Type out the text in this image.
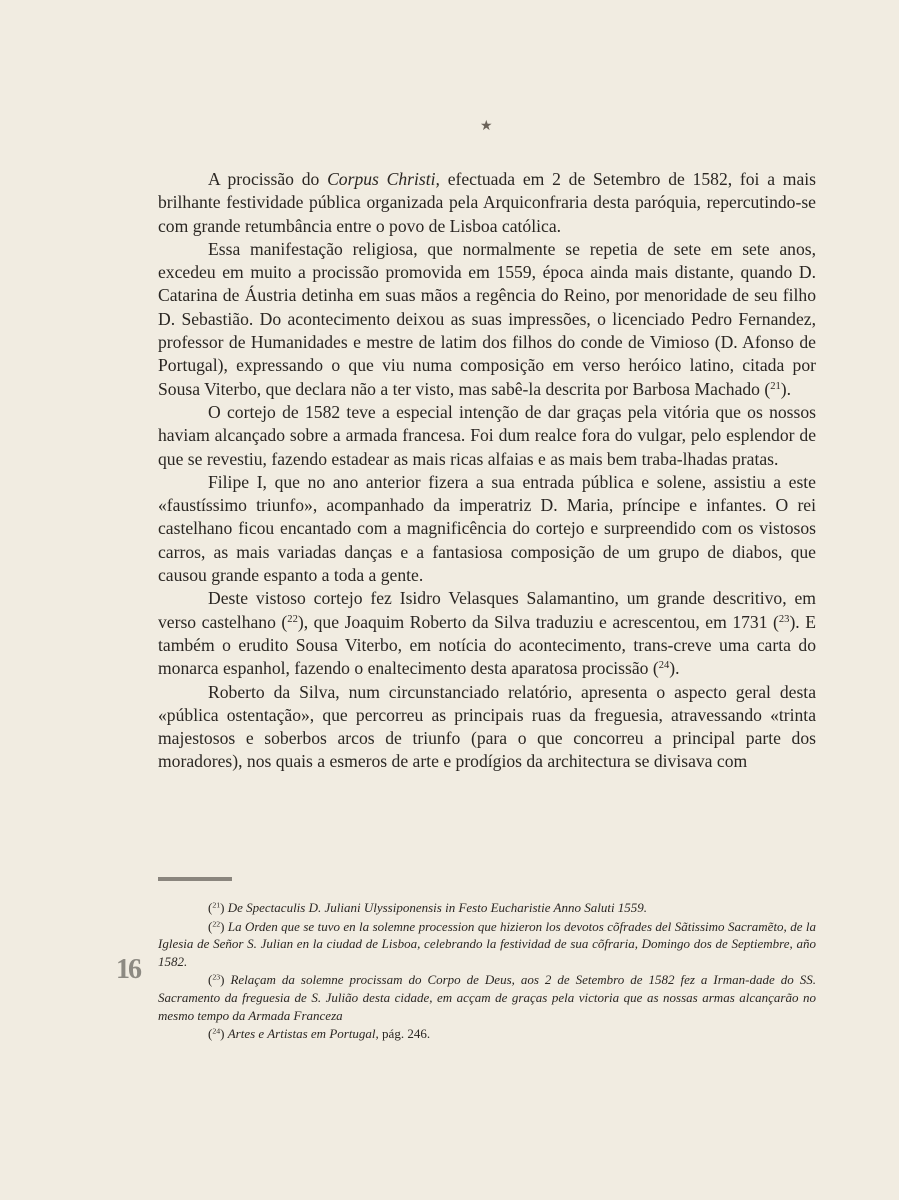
★

A procissão do Corpus Christi, efectuada em 2 de Setembro de 1582, foi a mais brilhante festividade pública organizada pela Arquiconfraria desta paróquia, repercutindo-se com grande retumbância entre o povo de Lisboa católica.

Essa manifestação religiosa, que normalmente se repetia de sete em sete anos, excedeu em muito a procissão promovida em 1559, época ainda mais distante, quando D. Catarina de Áustria detinha em suas mãos a regência do Reino, por menoridade de seu filho D. Sebastião. Do acontecimento deixou as suas impressões, o licenciado Pedro Fernandez, professor de Humanidades e mestre de latim dos filhos do conde de Vimioso (D. Afonso de Portugal), expressando o que viu numa composição em verso heróico latino, citada por Sousa Viterbo, que declara não a ter visto, mas sabê-la descrita por Barbosa Machado ($^{21}$).

O cortejo de 1582 teve a especial intenção de dar graças pela vitória que os nossos haviam alcançado sobre a armada francesa. Foi dum realce fora do vulgar, pelo esplendor de que se revestiu, fazendo estadear as mais ricas alfaias e as mais bem traba-lhadas pratas.

Filipe I, que no ano anterior fizera a sua entrada pública e solene, assistiu a este «faustíssimo triunfo», acompanhado da imperatriz D. Maria, príncipe e infantes. O rei castelhano ficou encantado com a magnificência do cortejo e surpreendido com os vistosos carros, as mais variadas danças e a fantasiosa composição de um grupo de diabos, que causou grande espanto a toda a gente.

Deste vistoso cortejo fez Isidro Velasques Salamantino, um grande descritivo, em verso castelhano ($^{22}$), que Joaquim Roberto da Silva traduziu e acrescentou, em 1731 ($^{23}$). E também o erudito Sousa Viterbo, em notícia do acontecimento, trans-creve uma carta do monarca espanhol, fazendo o enaltecimento desta aparatosa procissão ($^{24}$).

Roberto da Silva, num circunstanciado relatório, apresenta o aspecto geral desta «pública ostentação», que percorreu as principais ruas da freguesia, atravessando «trinta majestosos e soberbos arcos de triunfo (para o que concorreu a principal parte dos moradores), nos quais a esmeros de arte e prodígios da architectura se divisava com

($^{21}$) De Spectaculis D. Juliani Ulyssiponensis in Festo Eucharistie Anno Saluti 1559.

($^{22}$) La Orden que se tuvo en la solemne procession que hizieron los devotos cõfrades del Sãtissimo Sacramẽto, de la Iglesia de Señor S. Julian en la ciudad de Lisboa, celebrando la festividad de sua cõfraria, Domingo dos de Septiembre, año 1582.

($^{23}$) Relaçam da solemne procissam do Corpo de Deus, aos 2 de Setembro de 1582 fez a Irman-dade do SS. Sacramento da freguesia de S. Julião desta cidade, em acçam de graças pela victoria que as nossas armas alcançarão no mesmo tempo da Armada Franceza

($^{24}$) Artes e Artistas em Portugal, pág. 246.

16
